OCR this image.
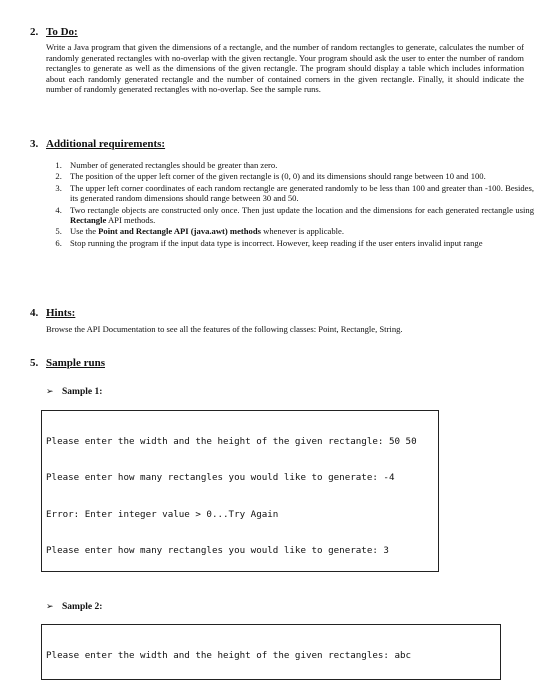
2. To Do:
Write a Java program that given the dimensions of a rectangle, and the number of random rectangles to generate, calculates the number of randomly generated rectangles with no-overlap with the given rectangle. Your program should ask the user to enter the number of random rectangles to generate as well as the dimensions of the given rectangle. The program should display a table which includes information about each randomly generated rectangle and the number of contained corners in the given rectangle. Finally, it should indicate the number of randomly generated rectangles with no-overlap. See the sample runs.
3. Additional requirements:
1. Number of generated rectangles should be greater than zero.
2. The position of the upper left corner of the given rectangle is (0, 0) and its dimensions should range between 10 and 100.
3. The upper left corner coordinates of each random rectangle are generated randomly to be less than 100 and greater than -100. Besides, its generated random dimensions should range between 30 and 50.
4. Two rectangle objects are constructed only once. Then just update the location and the dimensions for each generated rectangle using Rectangle API methods.
5. Use the Point and Rectangle API (java.awt) methods whenever is applicable.
6. Stop running the program if the input data type is incorrect. However, keep reading if the user enters invalid input range
4. Hints:
Browse the API Documentation to see all the features of the following classes: Point, Rectangle, String.
5. Sample runs
➢ Sample 1:

Please enter the width and the height of the given rectangle: 50 50

Please enter how many rectangles you would like to generate: -4

Error: Enter integer value > 0...Try Again

Please enter how many rectangles you would like to generate: 3

➢ Sample 2:

Please enter the width and the height of the given rectangles: abc
